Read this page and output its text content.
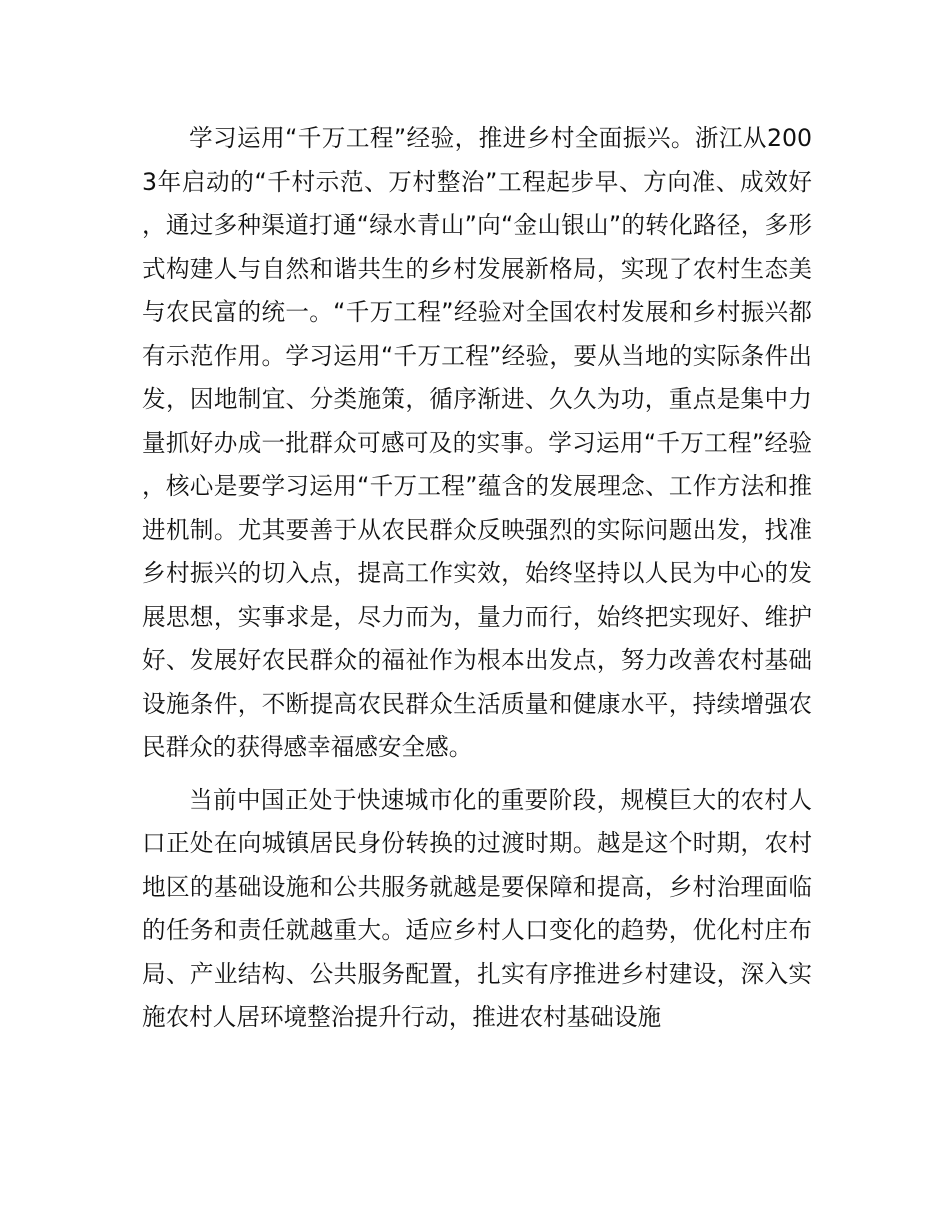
学习运用“千万工程”经验，推进乡村全面振兴。浙江从2003年启动的“千村示范、万村整治”工程起步早、方向准、成效好，通过多种渠道打通“绿水青山”向“金山银山”的转化路径，多形式构建人与自然和谐共生的乡村发展新格局，实现了农村生态美与农民富的统一。“千万工程”经验对全国农村发展和乡村振兴都有示范作用。学习运用“千万工程”经验，要从当地的实际条件出发，因地制宜、分类施策，循序渐进、久久为功，重点是集中力量抓好办成一批群众可感可及的实事。学习运用“千万工程”经验，核心是要学习运用“千万工程”蕴含的发展理念、工作方法和推进机制。尤其要善于从农民群众反映强烈的实际问题出发，找准乡村振兴的切入点，提高工作实效，始终坚持以人民为中心的发展思想，实事求是，尽力而为，量力而行，始终把实现好、维护好、发展好农民群众的福祉作为根本出发点，努力改善农村基础设施条件，不断提高农民群众生活质量和健康水平，持续增强农民群众的获得感幸福感安全感。

当前中国正处于快速城市化的重要阶段，规模巨大的农村人口正处在向城镇居民身份转换的过渡时期。越是这个时期，农村地区的基础设施和公共服务就越是要保障和提高，乡村治理面临的任务和责任就越重大。适应乡村人口变化的趋势，优化村庄布局、产业结构、公共服务配置，扎实有序推进乡村建设，深入实施农村人居环境整治提升行动，推进农村基础设施
